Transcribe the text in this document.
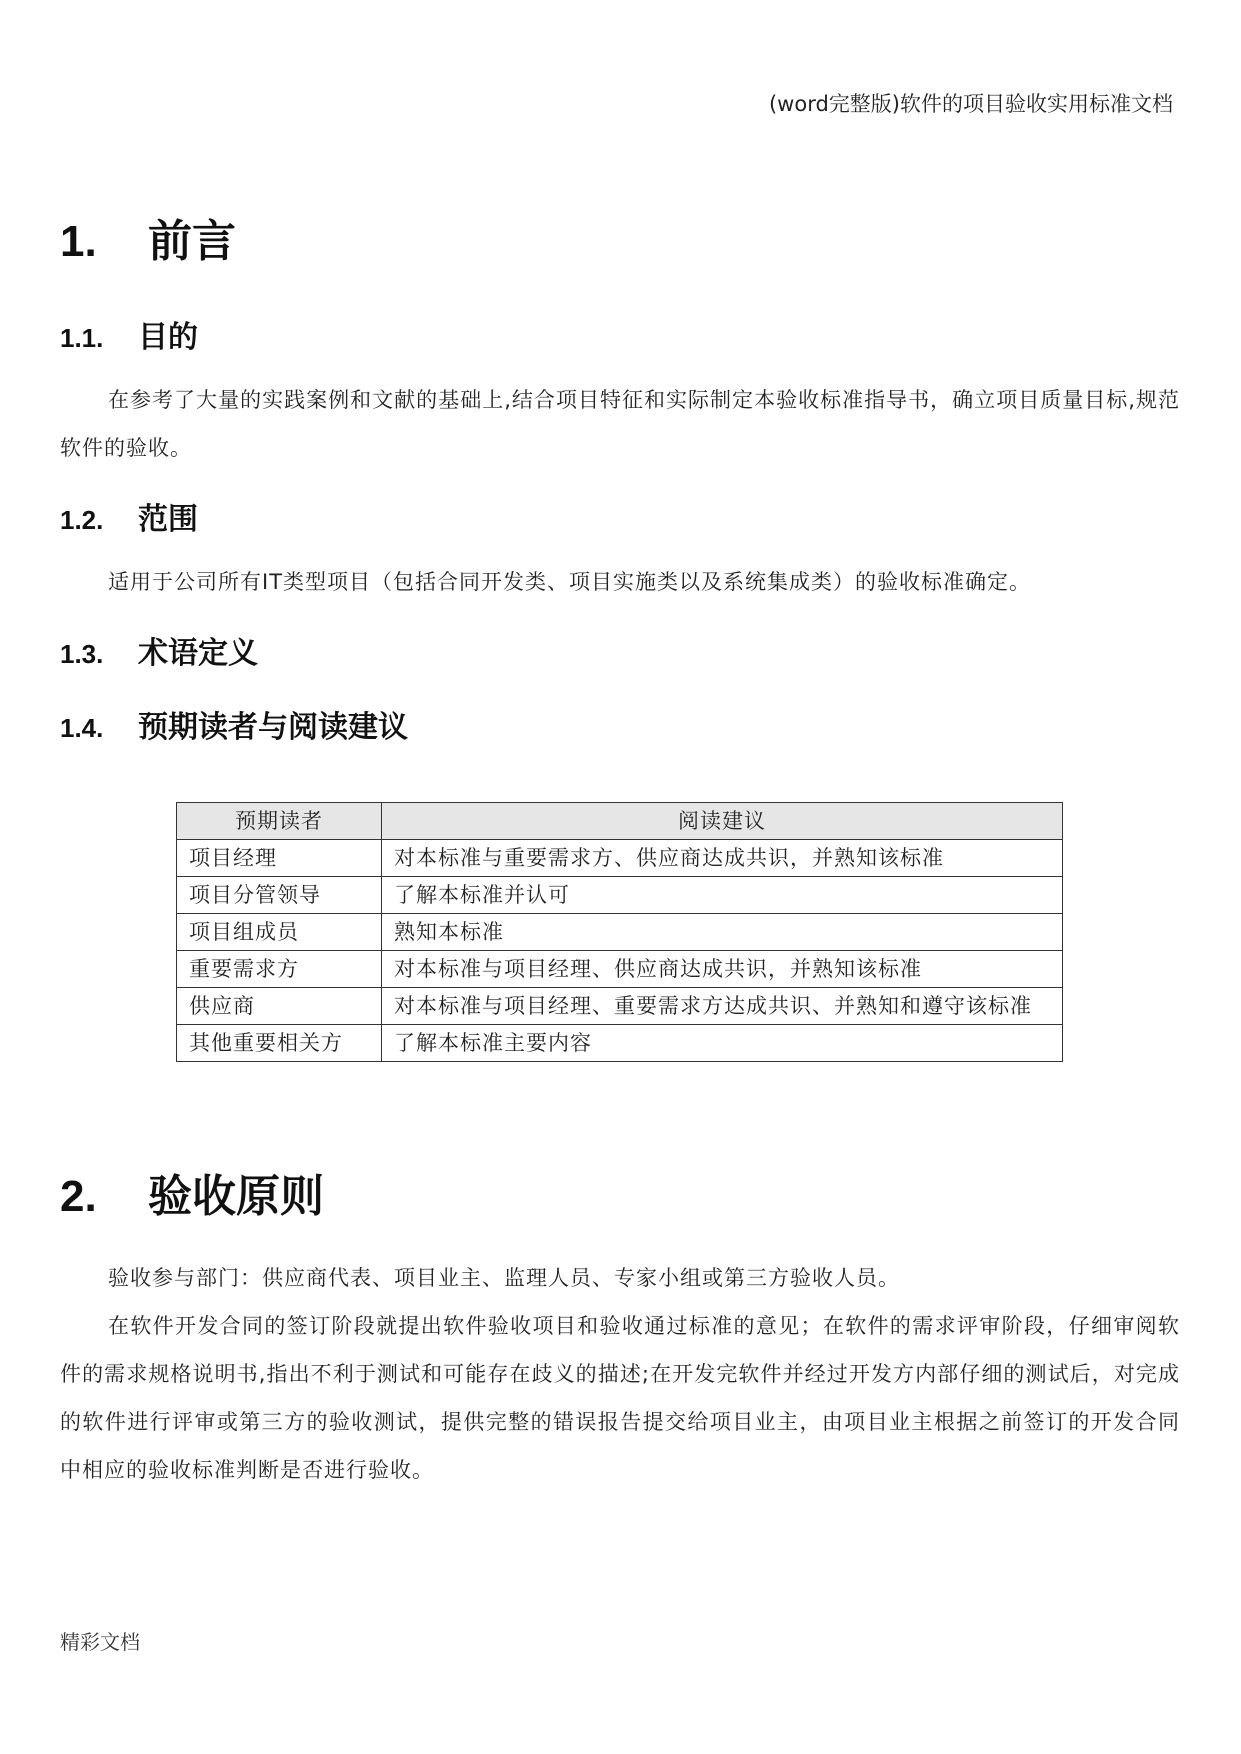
(word完整版)软件的项目验收实用标准文档
1. 前言
1.1. 目的
在参考了大量的实践案例和文献的基础上,结合项目特征和实际制定本验收标准指导书，确立项目质量目标,规范软件的验收。
1.2. 范围
适用于公司所有IT类型项目（包括合同开发类、项目实施类以及系统集成类）的验收标准确定。
1.3. 术语定义
1.4. 预期读者与阅读建议
预期读者	阅读建议
项目经理	对本标准与重要需求方、供应商达成共识，并熟知该标准
项目分管领导	了解本标准并认可
项目组成员	熟知本标准
重要需求方	对本标准与项目经理、供应商达成共识，并熟知该标准
供应商	对本标准与项目经理、重要需求方达成共识、并熟知和遵守该标准
其他重要相关方	了解本标准主要内容
2. 验收原则
验收参与部门：供应商代表、项目业主、监理人员、专家小组或第三方验收人员。
在软件开发合同的签订阶段就提出软件验收项目和验收通过标准的意见；在软件的需求评审阶段，仔细审阅软件的需求规格说明书,指出不利于测试和可能存在歧义的描述;在开发完软件并经过开发方内部仔细的测试后，对完成的软件进行评审或第三方的验收测试，提供完整的错误报告提交给项目业主，由项目业主根据之前签订的开发合同中相应的验收标准判断是否进行验收。
精彩文档
